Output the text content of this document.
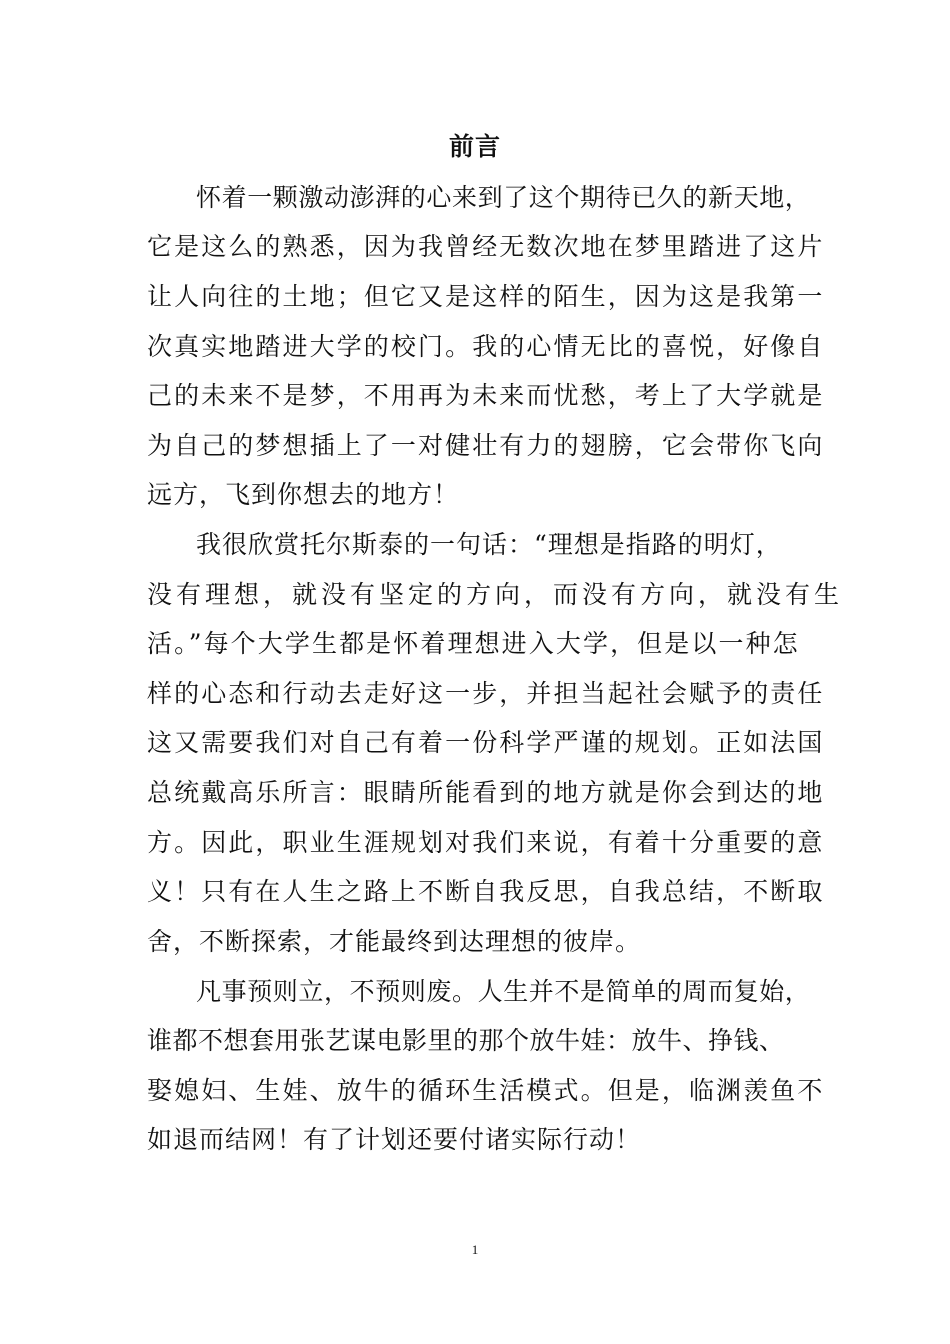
前言
怀着一颗激动澎湃的心来到了这个期待已久的新天地，
它是这么的熟悉，因为我曾经无数次地在梦里踏进了这片
让人向往的土地；但它又是这样的陌生，因为这是我第一
次真实地踏进大学的校门。我的心情无比的喜悦，好像自
己的未来不是梦，不用再为未来而忧愁，考上了大学就是
为自己的梦想插上了一对健壮有力的翅膀，它会带你飞向
远方，飞到你想去的地方！
我很欣赏托尔斯泰的一句话：“理想是指路的明灯，
没有理想，就没有坚定的方向，而没有方向，就没有生
活。”每个大学生都是怀着理想进入大学，但是以一种怎
样的心态和行动去走好这一步，并担当起社会赋予的责任
这又需要我们对自己有着一份科学严谨的规划。正如法国
总统戴高乐所言：眼睛所能看到的地方就是你会到达的地
方。因此，职业生涯规划对我们来说，有着十分重要的意
义！只有在人生之路上不断自我反思，自我总结，不断取
舍，不断探索，才能最终到达理想的彼岸。
凡事预则立，不预则废。人生并不是简单的周而复始，
谁都不想套用张艺谋电影里的那个放牛娃：放牛、挣钱、
娶媳妇、生娃、放牛的循环生活模式。但是，临渊羡鱼不
如退而结网！有了计划还要付诸实际行动！
1
